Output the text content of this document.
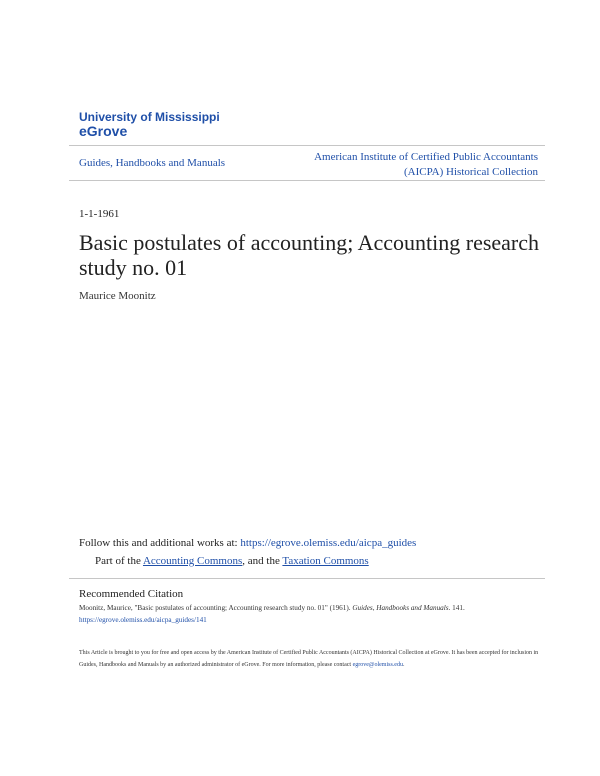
University of Mississippi
eGrove
Guides, Handbooks and Manuals	American Institute of Certified Public Accountants
(AICPA) Historical Collection
1-1-1961
Basic postulates of accounting; Accounting research study no. 01
Maurice Moonitz
Follow this and additional works at: https://egrove.olemiss.edu/aicpa_guides
Part of the Accounting Commons, and the Taxation Commons
Recommended Citation
Moonitz, Maurice, "Basic postulates of accounting; Accounting research study no. 01" (1961). Guides, Handbooks and Manuals. 141.
https://egrove.olemiss.edu/aicpa_guides/141
This Article is brought to you for free and open access by the American Institute of Certified Public Accountants (AICPA) Historical Collection at eGrove. It has been accepted for inclusion in Guides, Handbooks and Manuals by an authorized administrator of eGrove. For more information, please contact egrove@olemiss.edu.
